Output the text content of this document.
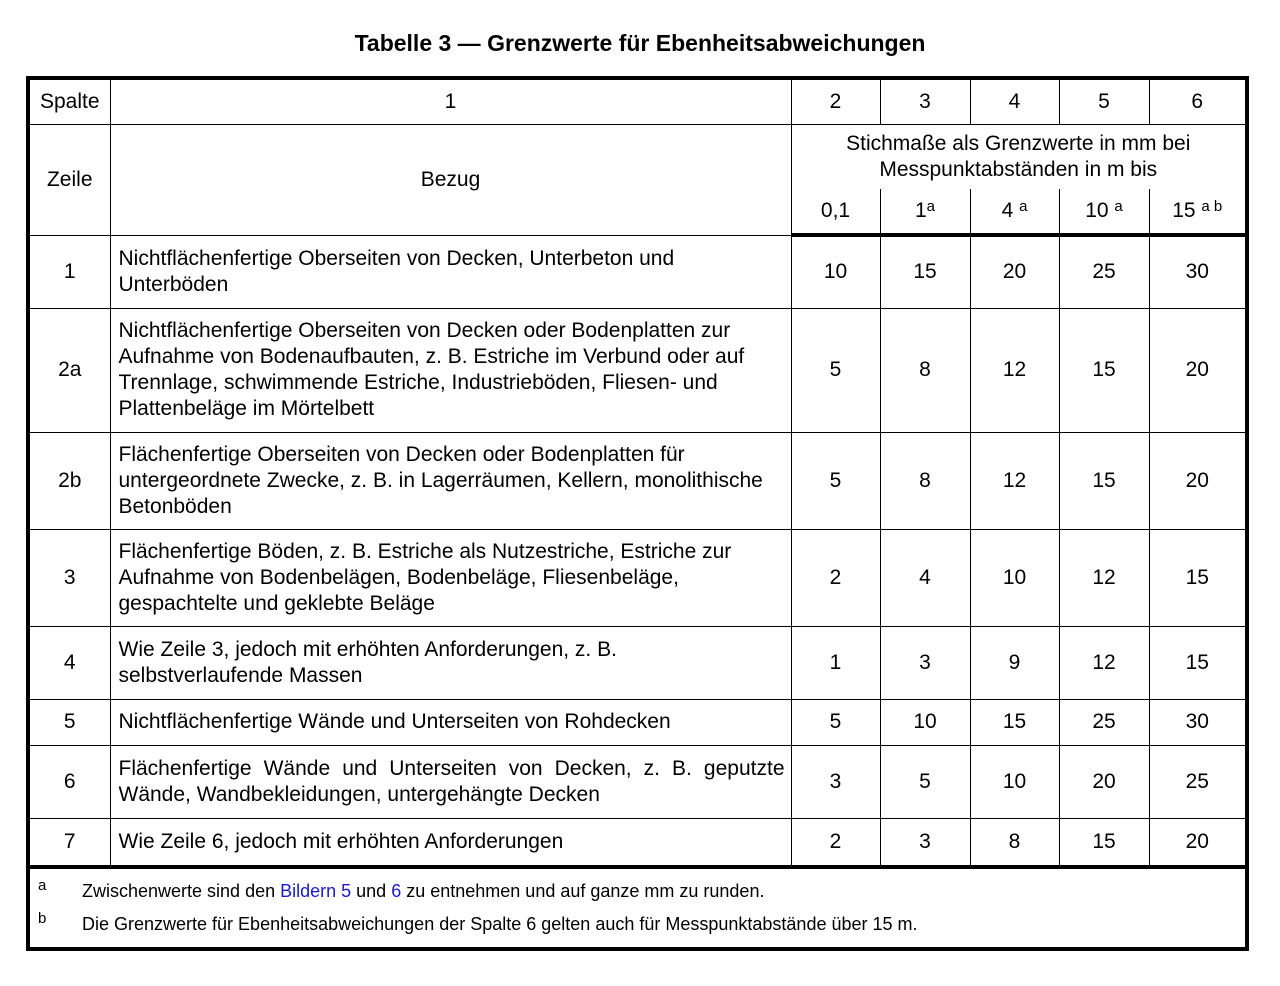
Tabelle 3 — Grenzwerte für Ebenheitsabweichungen
Spalte	1	2	3	4	5	6
Zeile	Bezug	Stichmaße als Grenzwerte in mm bei
Messpunktabständen in m bis				

		0,1	1$^a$	4 $^a$	10 $^a$	15 $^{a b}$
1	Nichtflächenfertige Oberseiten von Decken, Unterbeton und Unterböden	10	15	20	25	30
2a	Nichtflächenfertige Oberseiten von Decken oder Bodenplatten zur Aufnahme von Bodenaufbauten, z. B. Estriche im Verbund oder auf Trennlage, schwimmende Estriche, Industrieböden, Fliesen- und Plattenbeläge im Mörtelbett	5	8	12	15	20
2b	Flächenfertige Oberseiten von Decken oder Bodenplatten für untergeordnete Zwecke, z. B. in Lagerräumen, Kellern, monolithische Betonböden	5	8	12	15	20
3	Flächenfertige Böden, z. B. Estriche als Nutzestriche, Estriche zur Aufnahme von Bodenbelägen, Bodenbeläge, Fliesenbeläge, gespachtelte und geklebte Beläge	2	4	10	12	15
4	Wie Zeile 3, jedoch mit erhöhten Anforderungen, z. B. selbstverlaufende Massen	1	3	9	12	15
5	Nichtflächenfertige Wände und Unterseiten von Rohdecken	5	10	15	25	30
6	Flächenfertige Wände und Unterseiten von Decken, z. B. geputzte Wände, Wandbekleidungen, untergehängte Decken	3	5	10	20	25
7	Wie Zeile 6, jedoch mit erhöhten Anforderungen	2	3	8	15	20

a Zwischenwerte sind den Bildern 5 und 6 zu entnehmen und auf ganze mm zu runden.
b Die Grenzwerte für Ebenheitsabweichungen der Spalte 6 gelten auch für Messpunktabstände über 15 m.						
